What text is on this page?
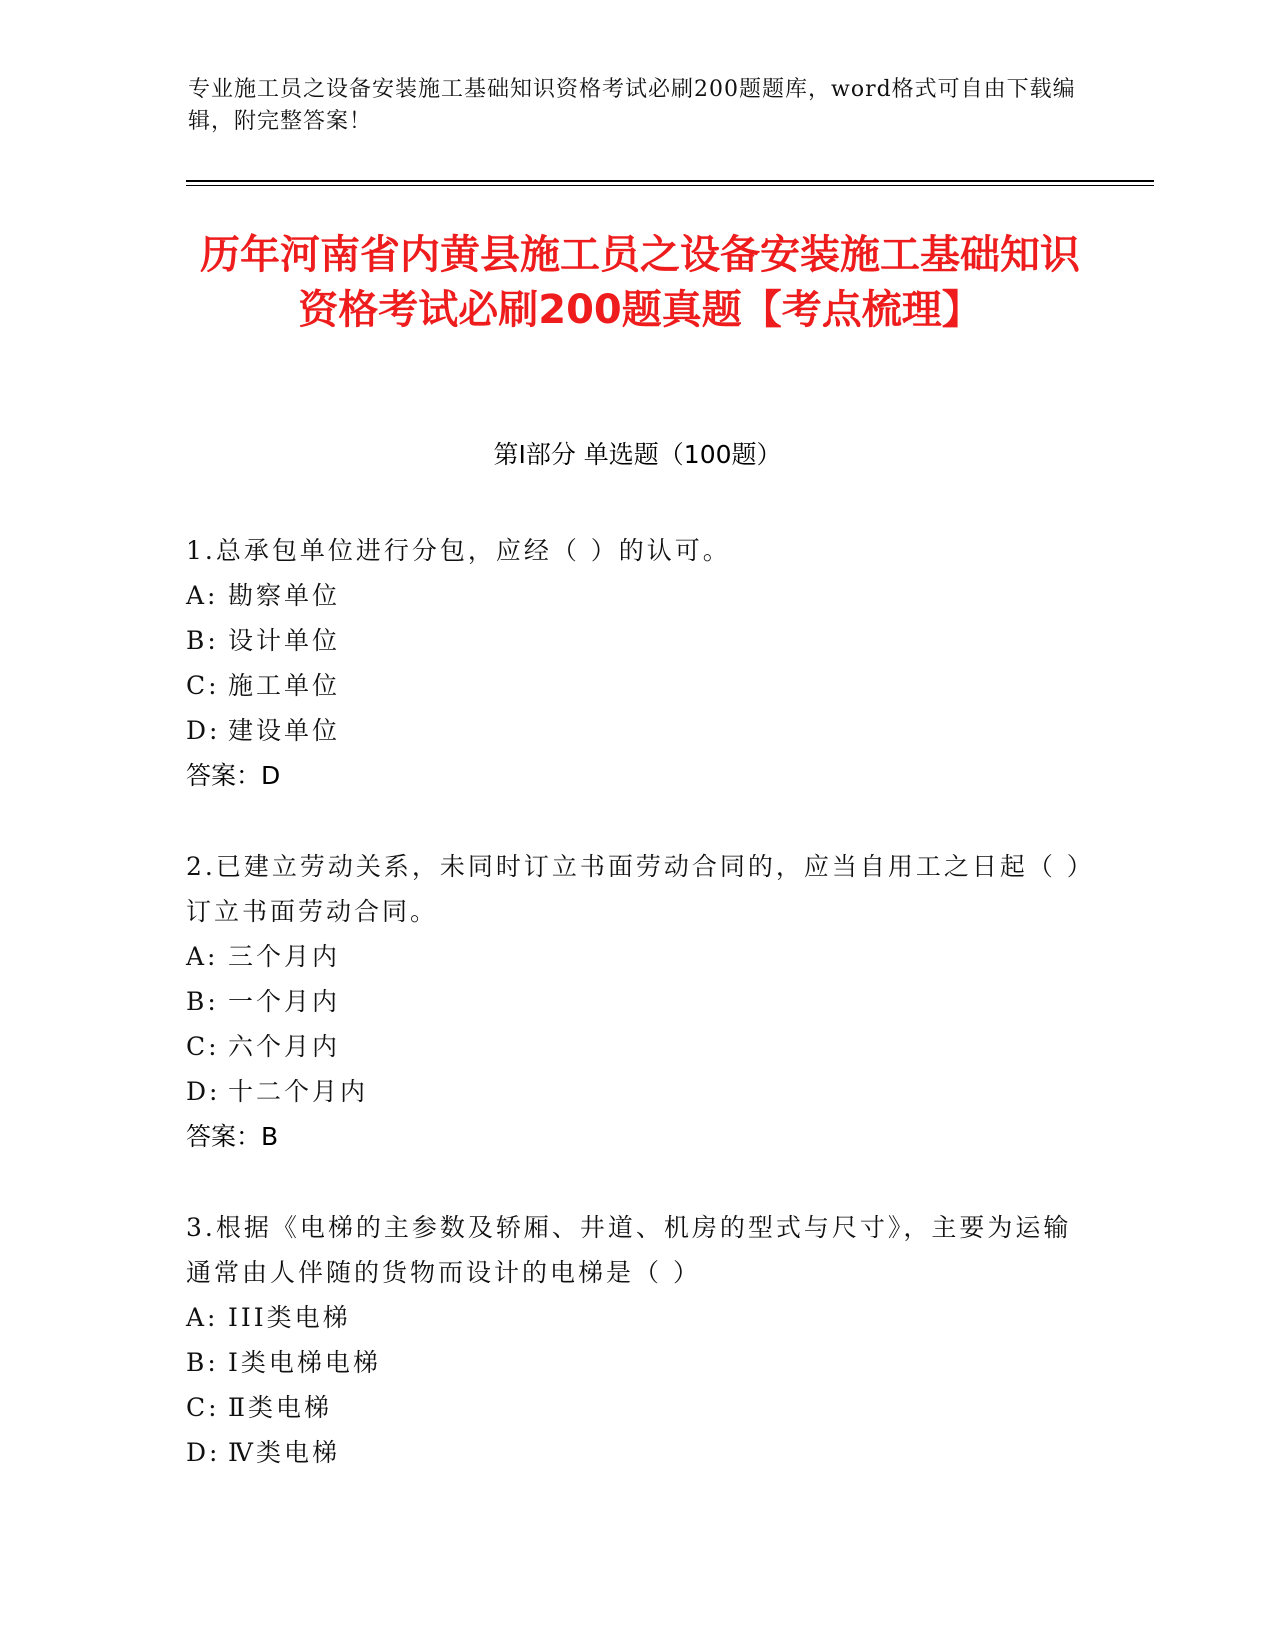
专业施工员之设备安装施工基础知识资格考试必刷200题题库，word格式可自由下载编辑，附完整答案！
历年河南省内黄县施工员之设备安装施工基础知识资格考试必刷200题真题【考点梳理】
第I部分 单选题（100题）
1.总承包单位进行分包，应经（ ）的认可。
A: 勘察单位
B: 设计单位
C: 施工单位
D: 建设单位
答案：D
2.已建立劳动关系，未同时订立书面劳动合同的，应当自用工之日起（ ）订立书面劳动合同。
A: 三个月内
B: 一个月内
C: 六个月内
D: 十二个月内
答案：B
3.根据《电梯的主参数及轿厢、井道、机房的型式与尺寸》，主要为运输通常由人伴随的货物而设计的电梯是（ ）
A: III类电梯
B: Ⅰ类电梯电梯
C: Ⅱ类电梯
D: Ⅳ类电梯
